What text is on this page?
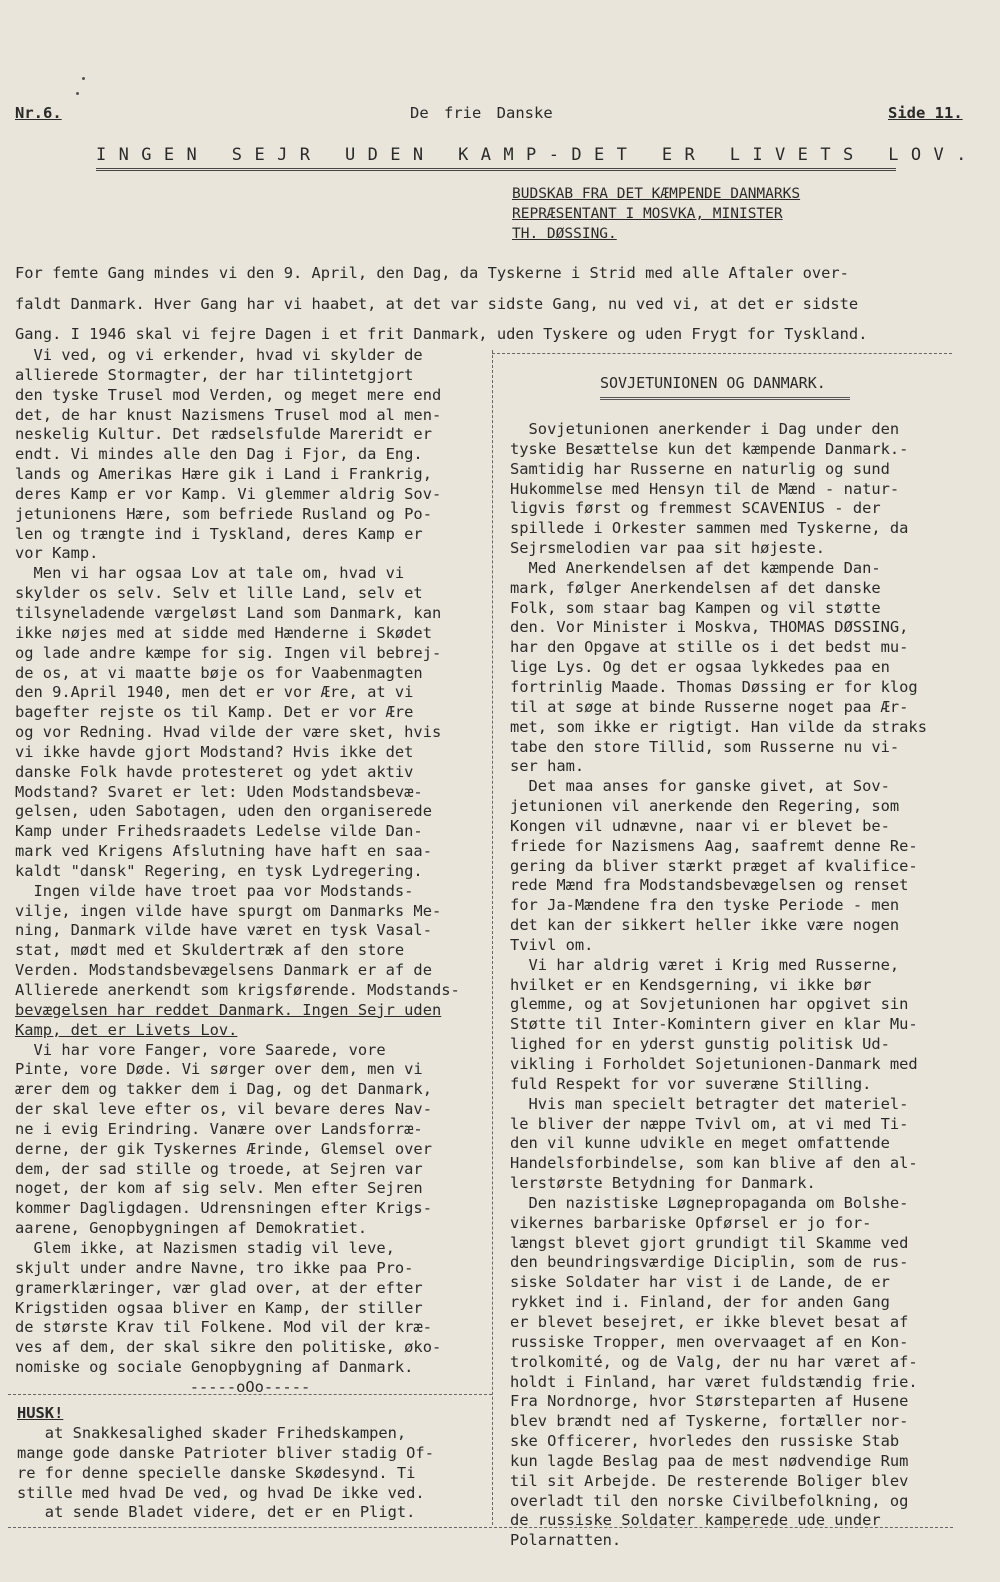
Nr.6.	De frie Danske	Side 11.
INGEN SEJR UDEN KAMP-DET ER LIVETS LOV.
BUDSKAB FRA DET KÆMPENDE DANMARKS
REPRÆSENTANT I MOSVKA, MINISTER
TH. DØSSING.
For femte Gang mindes vi den 9. April, den Dag, da Tyskerne i Strid med alle Aftaler over-
faldt Danmark. Hver Gang har vi haabet, at det var sidste Gang, nu ved vi, at det er sidste
Gang. I 1946 skal vi fejre Dagen i et frit Danmark, uden Tyskere og uden Frygt for Tyskland.
Vi ved, og vi erkender, hvad vi skylder de
allierede Stormagter, der har tilintetgjort
den tyske Trusel mod Verden, og meget mere end
det, de har knust Nazismens Trusel mod al men-
neskelig Kultur. Det rædselsfulde Mareridt er
endt. Vi mindes alle den Dag i Fjor, da Eng.
lands og Amerikas Hære gik i Land i Frankrig,
deres Kamp er vor Kamp. Vi glemmer aldrig Sov-
jetunionens Hære, som befriede Rusland og Po-
len og trængte ind i Tyskland, deres Kamp er
vor Kamp.
Men vi har ogsaa Lov at tale om, hvad vi
skylder os selv. Selv et lille Land, selv et
tilsyneladende værgeløst Land som Danmark, kan
ikke nøjes med at sidde med Hænderne i Skødet
og lade andre kæmpe for sig. Ingen vil bebrej-
de os, at vi maatte bøje os for Vaabenmagten
den 9.April 1940, men det er vor Ære, at vi
bagefter rejste os til Kamp. Det er vor Ære
og vor Redning. Hvad vilde der være sket, hvis
vi ikke havde gjort Modstand? Hvis ikke det
danske Folk havde protesteret og ydet aktiv
Modstand? Svaret er let: Uden Modstandsbevæ-
gelsen, uden Sabotagen, uden den organiserede
Kamp under Frihedsraadets Ledelse vilde Dan-
mark ved Krigens Afslutning have haft en saa-
kaldt "dansk" Regering, en tysk Lydregering.
Ingen vilde have troet paa vor Modstands-
vilje, ingen vilde have spurgt om Danmarks Me-
ning, Danmark vilde have været en tysk Vasal-
stat, mødt med et Skuldertræk af den store
Verden. Modstandsbevægelsens Danmark er af de
Allierede anerkendt som krigsførende. Modstands-
bevægelsen har reddet Danmark. Ingen Sejr uden
Kamp, det er Livets Lov.
Vi har vore Fanger, vore Saarede, vore
Pinte, vore Døde. Vi sørger over dem, men vi
ærer dem og takker dem i Dag, og det Danmark,
der skal leve efter os, vil bevare deres Nav-
ne i evig Erindring. Vanære over Landsforræ-
derne, der gik Tyskernes Ærinde, Glemsel over
dem, der sad stille og troede, at Sejren var
noget, der kom af sig selv. Men efter Sejren
kommer Dagligdagen. Udrensningen efter Krigs-
aarene, Genopbygningen af Demokratiet.
Glem ikke, at Nazismen stadig vil leve,
skjult under andre Navne, tro ikke paa Pro-
gramerklæringer, vær glad over, at der efter
Krigstiden ogsaa bliver en Kamp, der stiller
de største Krav til Folkene. Mod vil der kræ-
ves af dem, der skal sikre den politiske, øko-
nomiske og sociale Genopbygning af Danmark.
-----oOo-----
SOVJETUNIONEN OG DANMARK.
Sovjetunionen anerkender i Dag under den
tyske Besættelse kun det kæmpende Danmark.-
Samtidig har Russerne en naturlig og sund
Hukommelse med Hensyn til de Mænd - natur-
ligvis først og fremmest SCAVENIUS - der
spillede i Orkester sammen med Tyskerne, da
Sejrsmelodien var paa sit højeste.
Med Anerkendelsen af det kæmpende Dan-
mark, følger Anerkendelsen af det danske
Folk, som staar bag Kampen og vil støtte
den. Vor Minister i Moskva, THOMAS DØSSING,
har den Opgave at stille os i det bedst mu-
lige Lys. Og det er ogsaa lykkedes paa en
fortrinlig Maade. Thomas Døssing er for klog
til at søge at binde Russerne noget paa Ær-
met, som ikke er rigtigt. Han vilde da straks
tabe den store Tillid, som Russerne nu vi-
ser ham.
Det maa anses for ganske givet, at Sov-
jetunionen vil anerkende den Regering, som
Kongen vil udnævne, naar vi er blevet be-
friede for Nazismens Aag, saafremt denne Re-
gering da bliver stærkt præget af kvalifice-
rede Mænd fra Modstandsbevægelsen og renset
for Ja-Mændene fra den tyske Periode - men
det kan der sikkert heller ikke være nogen
Tvivl om.
Vi har aldrig været i Krig med Russerne,
hvilket er en Kendsgerning, vi ikke bør
glemme, og at Sovjetunionen har opgivet sin
Støtte til Inter-Komintern giver en klar Mu-
lighed for en yderst gunstig politisk Ud-
vikling i Forholdet Sojetunionen-Danmark med
fuld Respekt for vor suveræne Stilling.
Hvis man specielt betragter det materiel-
le bliver der næppe Tvivl om, at vi med Ti-
den vil kunne udvikle en meget omfattende
Handelsforbindelse, som kan blive af den al-
lerstørste Betydning for Danmark.
Den nazistiske Løgnepropaganda om Bolshe-
vikernes barbariske Opførsel er jo for-
længst blevet gjort grundigt til Skamme ved
den beundringsværdige Diciplin, som de rus-
siske Soldater har vist i de Lande, de er
rykket ind i. Finland, der for anden Gang
er blevet besejret, er ikke blevet besat af
russiske Tropper, men overvaaget af en Kon-
trolkomité, og de Valg, der nu har været af-
holdt i Finland, har været fuldstændig frie.
Fra Nordnorge, hvor Størsteparten af Husene
blev brændt ned af Tyskerne, fortæller nor-
ske Officerer, hvorledes den russiske Stab
kun lagde Beslag paa de mest nødvendige Rum
til sit Arbejde. De resterende Boliger blev
overladt til den norske Civilbefolkning, og
de russiske Soldater kamperede ude under
Polarnatten.
HUSK!
at Snakkesalighed skader Frihedskampen,
mange gode danske Patrioter bliver stadig Of-
re for denne specielle danske Skødesynd. Ti
stille med hvad De ved, og hvad De ikke ved.
at sende Bladet videre, det er en Pligt.
